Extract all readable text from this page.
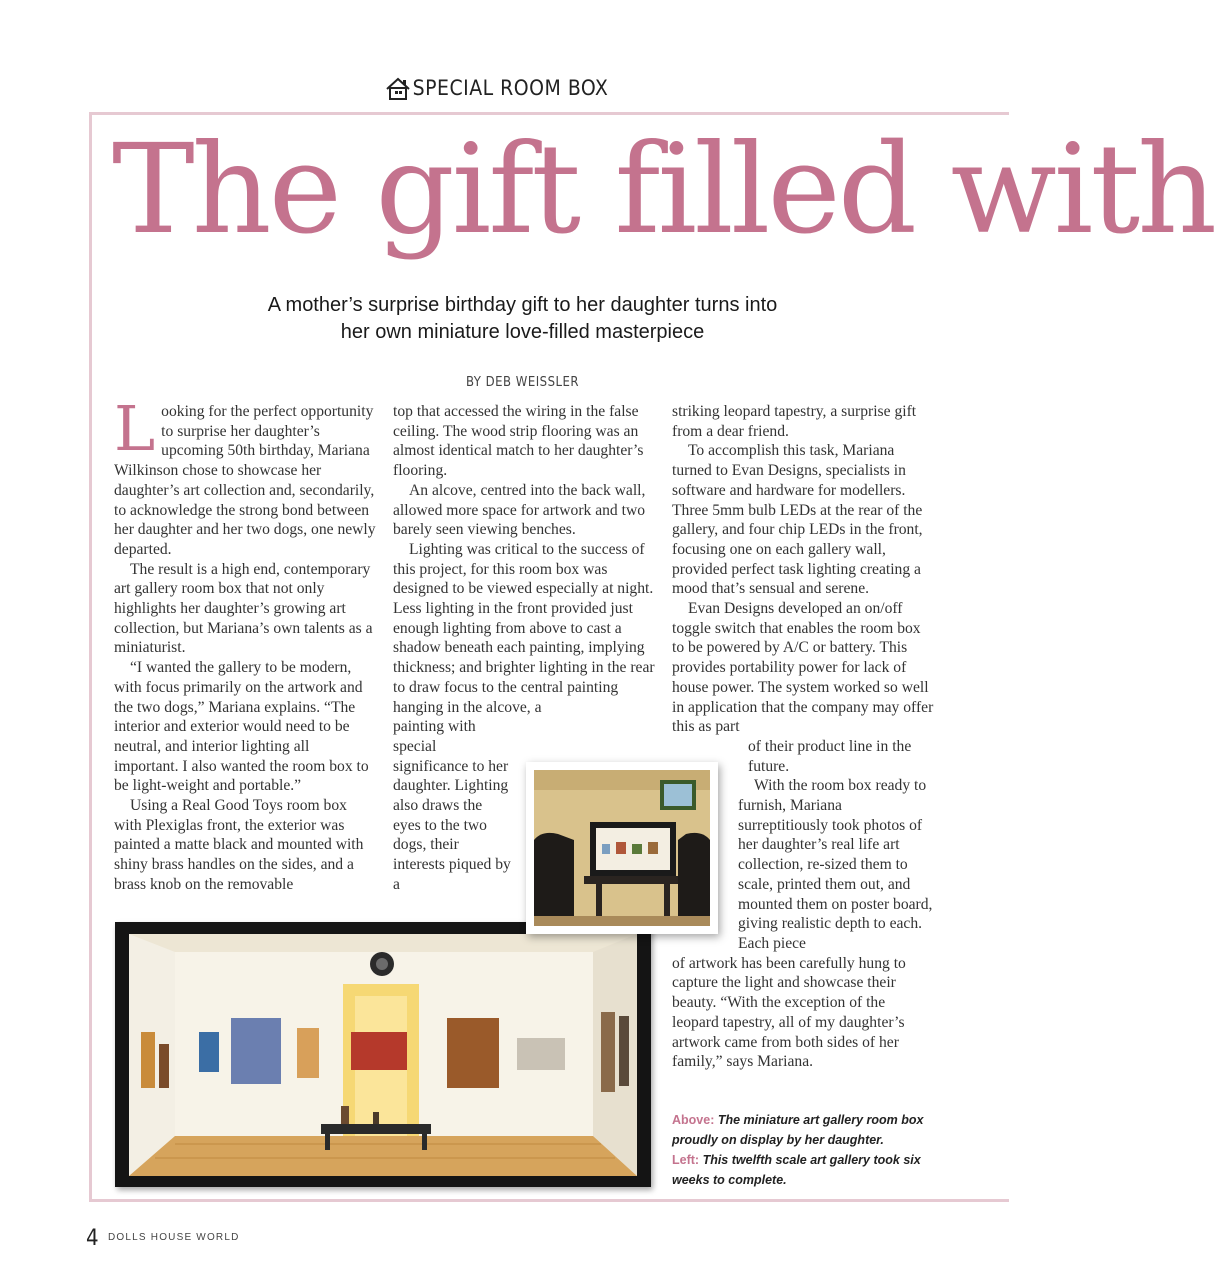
SPECIAL ROOM BOX
The gift filled with
A mother’s surprise birthday gift to her daughter turns into
her own miniature love-filled masterpiece
BY DEB WEISSLER

Looking for the perfect opportunity to surprise her daughter’s upcoming 50th birthday, Mariana Wilkinson chose to showcase her daughter’s art collection and, secondarily, to acknowledge the strong bond between her daughter and her two dogs, one newly departed.

The result is a high end, contemporary art gallery room box that not only highlights her daughter’s growing art collection, but Mariana’s own talents as a miniaturist.

“I wanted the gallery to be modern, with focus primarily on the artwork and the two dogs,” Mariana explains. “The interior and exterior would need to be neutral, and interior lighting all important. I also wanted the room box to be light-weight and portable.”

Using a Real Good Toys room box with Plexiglas front, the exterior was painted a matte black and mounted with shiny brass handles on the sides, and a brass knob on the removable

top that accessed the wiring in the false ceiling. The wood strip flooring was an almost identical match to her daughter’s flooring.

An alcove, centred into the back wall, allowed more space for artwork and two barely seen viewing benches.

Lighting was critical to the success of this project, for this room box was designed to be viewed especially at night. Less lighting in the front provided just enough lighting from above to cast a shadow beneath each painting, implying thickness; and brighter lighting in the rear to draw focus to the central painting hanging in the alcove, a

painting with special significance to her daughter. Lighting also draws the eyes to the two dogs, their interests piqued by a

striking leopard tapestry, a surprise gift from a dear friend.

To accomplish this task, Mariana turned to Evan Designs, specialists in software and hardware for modellers. Three 5mm bulb LEDs at the rear of the gallery, and four chip LEDs in the front, focusing one on each gallery wall, provided perfect task lighting creating a mood that’s sensual and serene.

Evan Designs developed an on/off toggle switch that enables the room box to be powered by A/C or battery. This provides portability power for lack of house power. The system worked so well in application that the company may offer this as part

of their product line in the future.

With the room box ready to furnish, Mariana surreptitiously took photos of her daughter’s real life art collection, re-sized them to scale, printed them out, and mounted them on poster board, giving realistic depth to each. Each piece

of artwork has been carefully hung to capture the light and showcase their beauty. “With the exception of the leopard tapestry, all of my daughter’s artwork came from both sides of her family,” says Mariana.

Above: The miniature art gallery room box proudly on display by her daughter.
Left: This twelfth scale art gallery took six weeks to complete.
4 DOLLS HOUSE WORLD
